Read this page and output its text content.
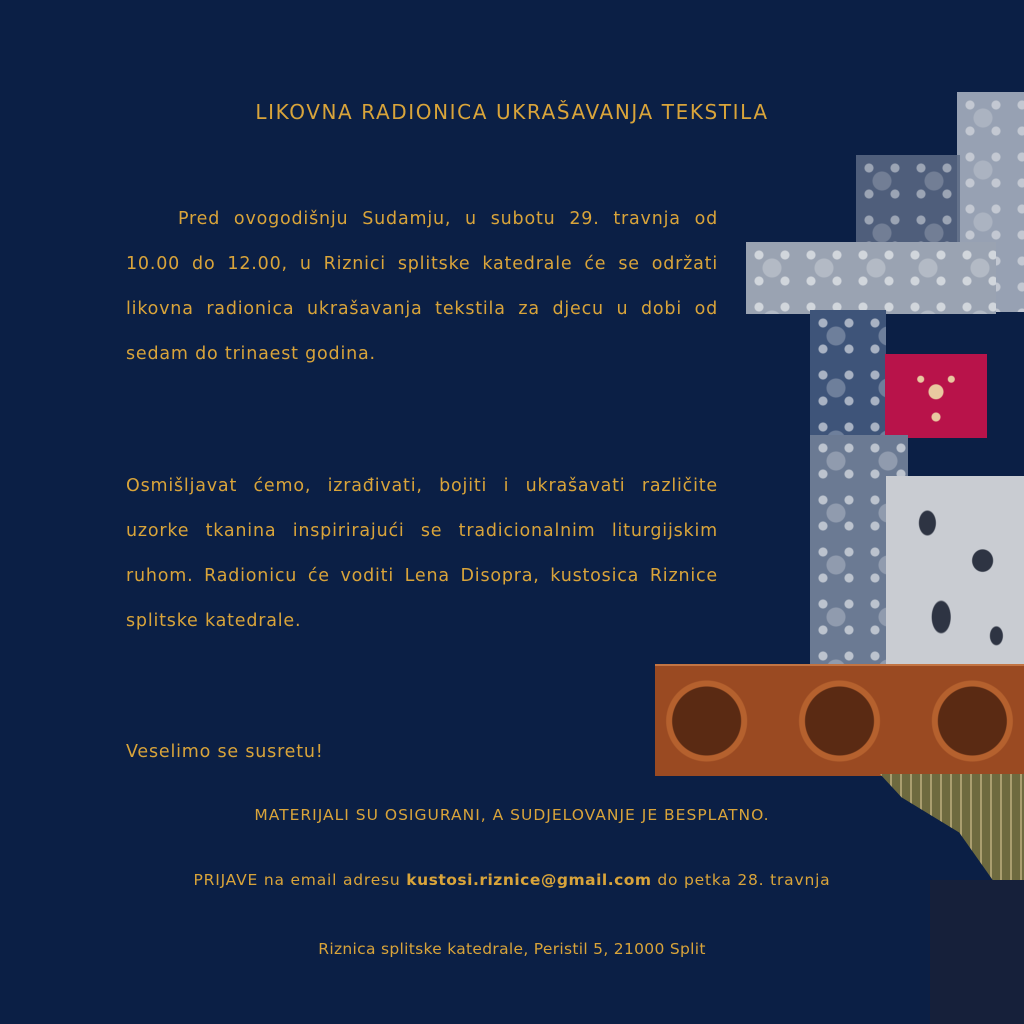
LIKOVNA RADIONICA UKRAŠAVANJA TEKSTILA

Pred ovogodišnju Sudamju, u subotu 29. travnja od 10.00 do 12.00, u Riznici splitske katedrale će se održati likovna radionica ukrašavanja tekstila za djecu u dobi od sedam do trinaest godina.

Osmišljavat ćemo, izrađivati, bojiti i ukrašavati različite uzorke tkanina inspirirajući se tradicionalnim liturgijskim ruhom. Radionicu će voditi Lena Disopra, kustosica Riznice splitske katedrale.

Veselimo se susretu!

MATERIJALI SU OSIGURANI, A SUDJELOVANJE JE BESPLATNO.
PRIJAVE na email adresu kustosi.riznice@gmail.com do petka 28. travnja
Riznica splitske katedrale, Peristil 5, 21000 Split
